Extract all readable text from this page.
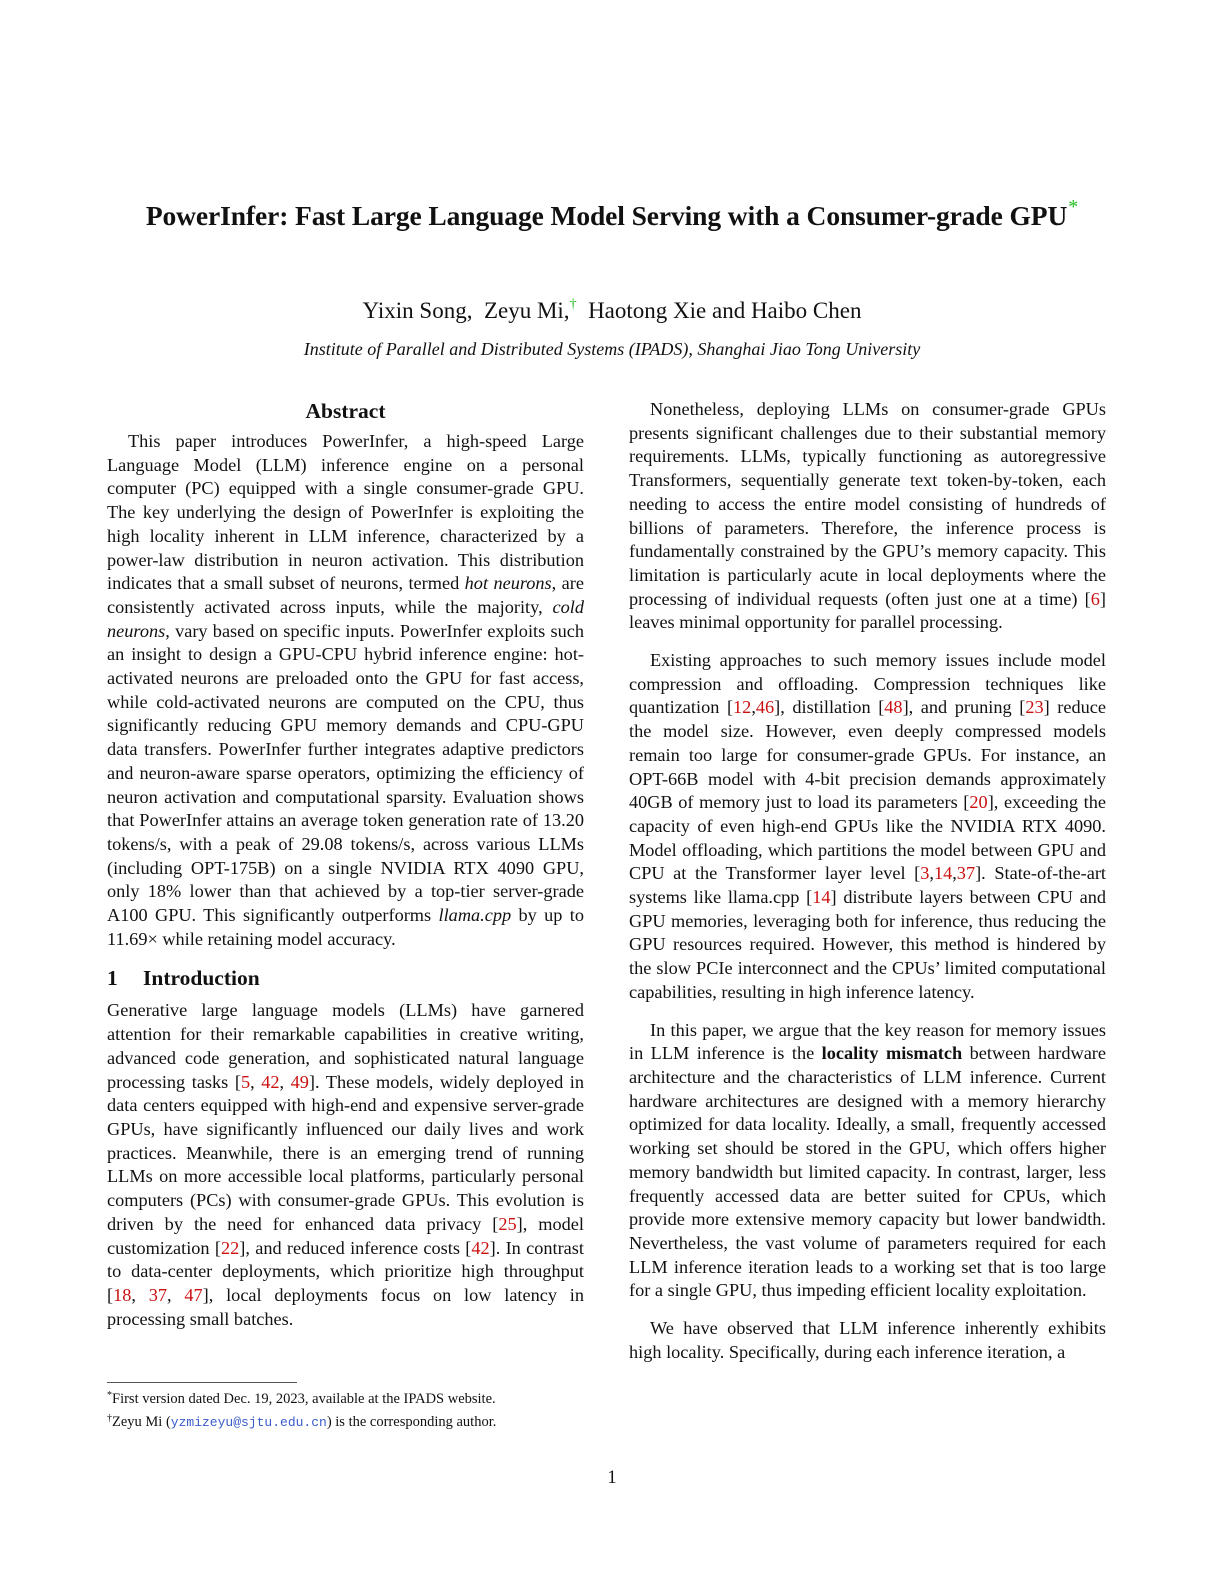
PowerInfer: Fast Large Language Model Serving with a Consumer-grade GPU*
Yixin Song, Zeyu Mi,† Haotong Xie and Haibo Chen
Institute of Parallel and Distributed Systems (IPADS), Shanghai Jiao Tong University
Abstract

This paper introduces PowerInfer, a high-speed Large Language Model (LLM) inference engine on a personal computer (PC) equipped with a single consumer-grade GPU. The key underlying the design of PowerInfer is exploiting the high locality inherent in LLM inference, characterized by a power-law distribution in neuron activation. This distribution indicates that a small subset of neurons, termed hot neurons, are consistently activated across inputs, while the majority, cold neurons, vary based on specific inputs. PowerInfer exploits such an insight to design a GPU-CPU hybrid inference engine: hot-activated neurons are preloaded onto the GPU for fast access, while cold-activated neurons are computed on the CPU, thus significantly reducing GPU memory demands and CPU-GPU data transfers. PowerInfer further integrates adaptive predictors and neuron-aware sparse operators, optimizing the efficiency of neuron activation and computational sparsity. Evaluation shows that PowerInfer attains an average token generation rate of 13.20 tokens/s, with a peak of 29.08 tokens/s, across various LLMs (including OPT-175B) on a single NVIDIA RTX 4090 GPU, only 18% lower than that achieved by a top-tier server-grade A100 GPU. This significantly outperforms llama.cpp by up to 11.69× while retaining model accuracy.

1 Introduction

Generative large language models (LLMs) have garnered attention for their remarkable capabilities in creative writing, advanced code generation, and sophisticated natural language processing tasks [5, 42, 49]. These models, widely deployed in data centers equipped with high-end and expensive server-grade GPUs, have significantly influenced our daily lives and work practices. Meanwhile, there is an emerging trend of running LLMs on more accessible local platforms, particularly personal computers (PCs) with consumer-grade GPUs. This evolution is driven by the need for enhanced data privacy [25], model customization [22], and reduced inference costs [42]. In contrast to data-center deployments, which prioritize high throughput [18, 37, 47], local deployments focus on low latency in processing small batches.

*First version dated Dec. 19, 2023, available at the IPADS website.
†Zeyu Mi (yzmizeyu@sjtu.edu.cn) is the corresponding author.

Nonetheless, deploying LLMs on consumer-grade GPUs presents significant challenges due to their substantial memory requirements. LLMs, typically functioning as autoregressive Transformers, sequentially generate text token-by-token, each needing to access the entire model consisting of hundreds of billions of parameters. Therefore, the inference process is fundamentally constrained by the GPU’s memory capacity. This limitation is particularly acute in local deployments where the processing of individual requests (often just one at a time) [6] leaves minimal opportunity for parallel processing.

Existing approaches to such memory issues include model compression and offloading. Compression techniques like quantization [12,46], distillation [48], and pruning [23] reduce the model size. However, even deeply compressed models remain too large for consumer-grade GPUs. For instance, an OPT-66B model with 4-bit precision demands approximately 40GB of memory just to load its parameters [20], exceeding the capacity of even high-end GPUs like the NVIDIA RTX 4090. Model offloading, which partitions the model between GPU and CPU at the Transformer layer level [3,14,37]. State-of-the-art systems like llama.cpp [14] distribute layers between CPU and GPU memories, leveraging both for inference, thus reducing the GPU resources required. However, this method is hindered by the slow PCIe interconnect and the CPUs’ limited computational capabilities, resulting in high inference latency.

In this paper, we argue that the key reason for memory issues in LLM inference is the locality mismatch between hardware architecture and the characteristics of LLM inference. Current hardware architectures are designed with a memory hierarchy optimized for data locality. Ideally, a small, frequently accessed working set should be stored in the GPU, which offers higher memory bandwidth but limited capacity. In contrast, larger, less frequently accessed data are better suited for CPUs, which provide more extensive memory capacity but lower bandwidth. Nevertheless, the vast volume of parameters required for each LLM inference iteration leads to a working set that is too large for a single GPU, thus impeding efficient locality exploitation.

We have observed that LLM inference inherently exhibits high locality. Specifically, during each inference iteration, a

1
